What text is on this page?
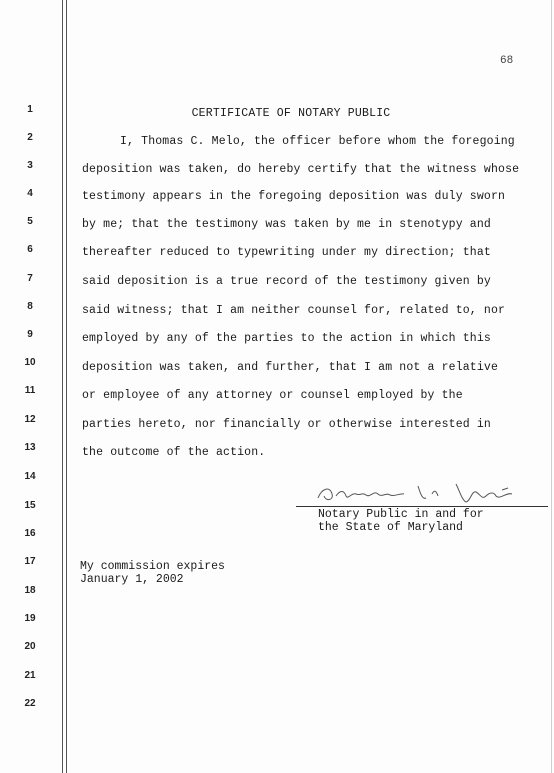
68
1
2
3
4
5
6
7
8
9
10
11
12
13
14
15
16
17
18
19
20
21
22
CERTIFICATE OF NOTARY PUBLIC
I, Thomas C. Melo, the officer before whom the foregoing
deposition was taken, do hereby certify that the witness whose
testimony appears in the foregoing deposition was duly sworn
by me; that the testimony was taken by me in stenotypy and
thereafter reduced to typewriting under my direction; that
said deposition is a true record of the testimony given by
said witness; that I am neither counsel for, related to, nor
employed by any of the parties to the action in which this
deposition was taken, and further, that I am not a relative
or employee of any attorney or counsel employed by the
parties hereto, nor financially or otherwise interested in
the outcome of the action.
Notary Public in and for
the State of Maryland
My commission expires
January 1, 2002
